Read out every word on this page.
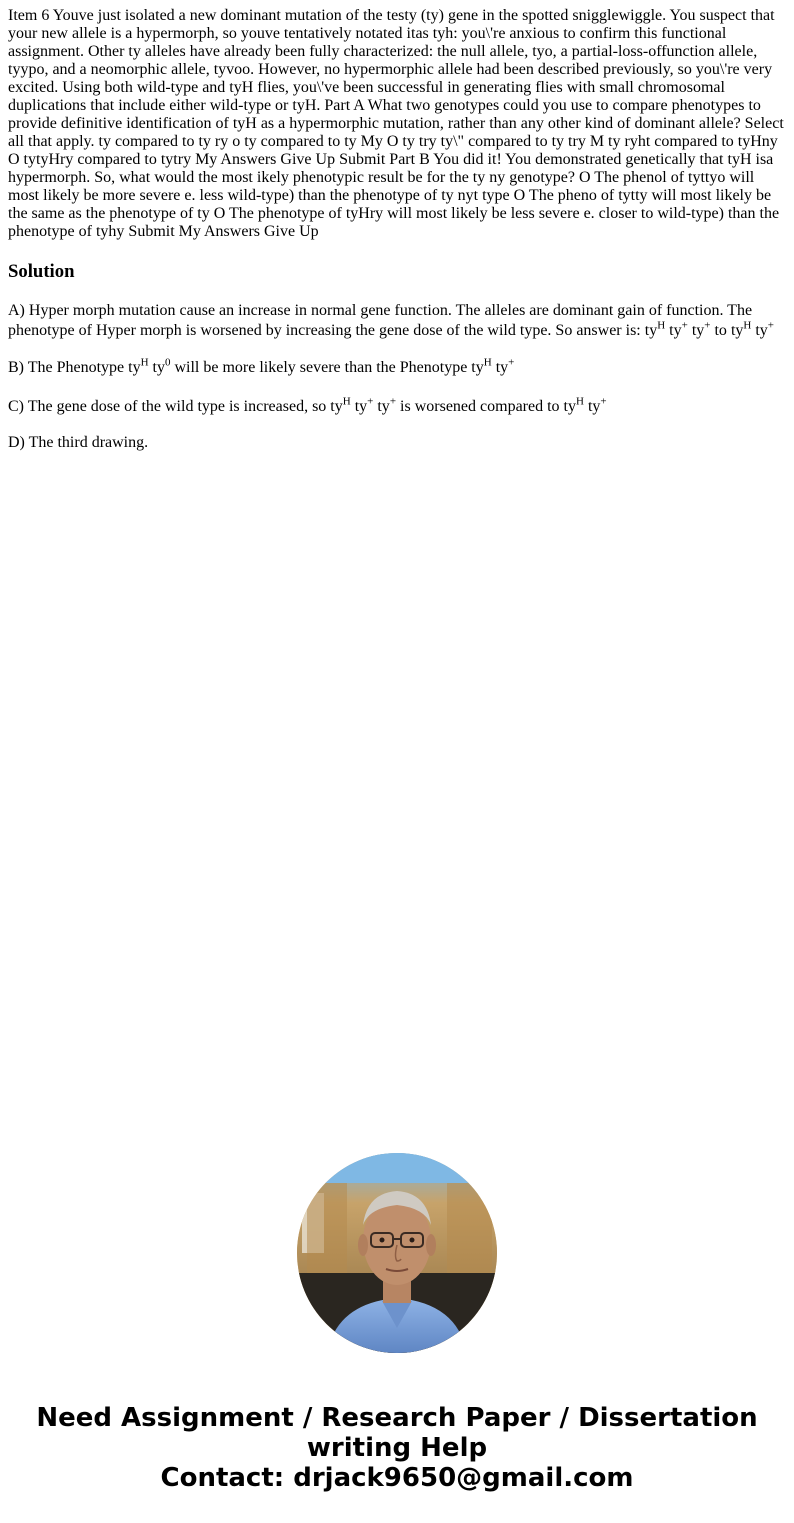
Item 6 Youve just isolated a new dominant mutation of the testy (ty) gene in the spotted snigglewiggle. You suspect that your new allele is a hypermorph, so youve tentatively notated itas tyh: you\'re anxious to confirm this functional assignment. Other ty alleles have already been fully characterized: the null allele, tyo, a partial-loss-offunction allele, tyypo, and a neomorphic allele, tyvoo. However, no hypermorphic allele had been described previously, so you\'re very excited. Using both wild-type and tyH flies, you\'ve been successful in generating flies with small chromosomal duplications that include either wild-type or tyH. Part A What two genotypes could you use to compare phenotypes to provide definitive identification of tyH as a hypermorphic mutation, rather than any other kind of dominant allele? Select all that apply. ty compared to ty ry o ty compared to ty My O ty try ty\" compared to ty try M ty ryht compared to tyHny O tytyHry compared to tytry My Answers Give Up Submit Part B You did it! You demonstrated genetically that tyH isa hypermorph. So, what would the most ikely phenotypic result be for the ty ny genotype? O The phenol of tyttyo will most likely be more severe e. less wild-type) than the phenotype of ty nyt type O The pheno of tytty will most likely be the same as the phenotype of ty O The phenotype of tyHry will most likely be less severe e. closer to wild-type) than the phenotype of tyhy Submit My Answers Give Up

Solution

A) Hyper morph mutation cause an increase in normal gene function. The alleles are dominant gain of function. The phenotype of Hyper morph is worsened by increasing the gene dose of the wild type. So answer is: $ty^H$ ty+ ty+ to $ty^H$ ty+

B) The Phenotype $ty^H$ $ty^0$ will be more likely severe than the Phenotype $ty^H$ ty+

C) The gene dose of the wild type is increased, so $ty^H$ ty+ ty+ is worsened compared to $ty^H$ ty+

D) The third drawing.

Need Assignment / Research Paper / Dissertation
writing Help
Contact: drjack9650@gmail.com
